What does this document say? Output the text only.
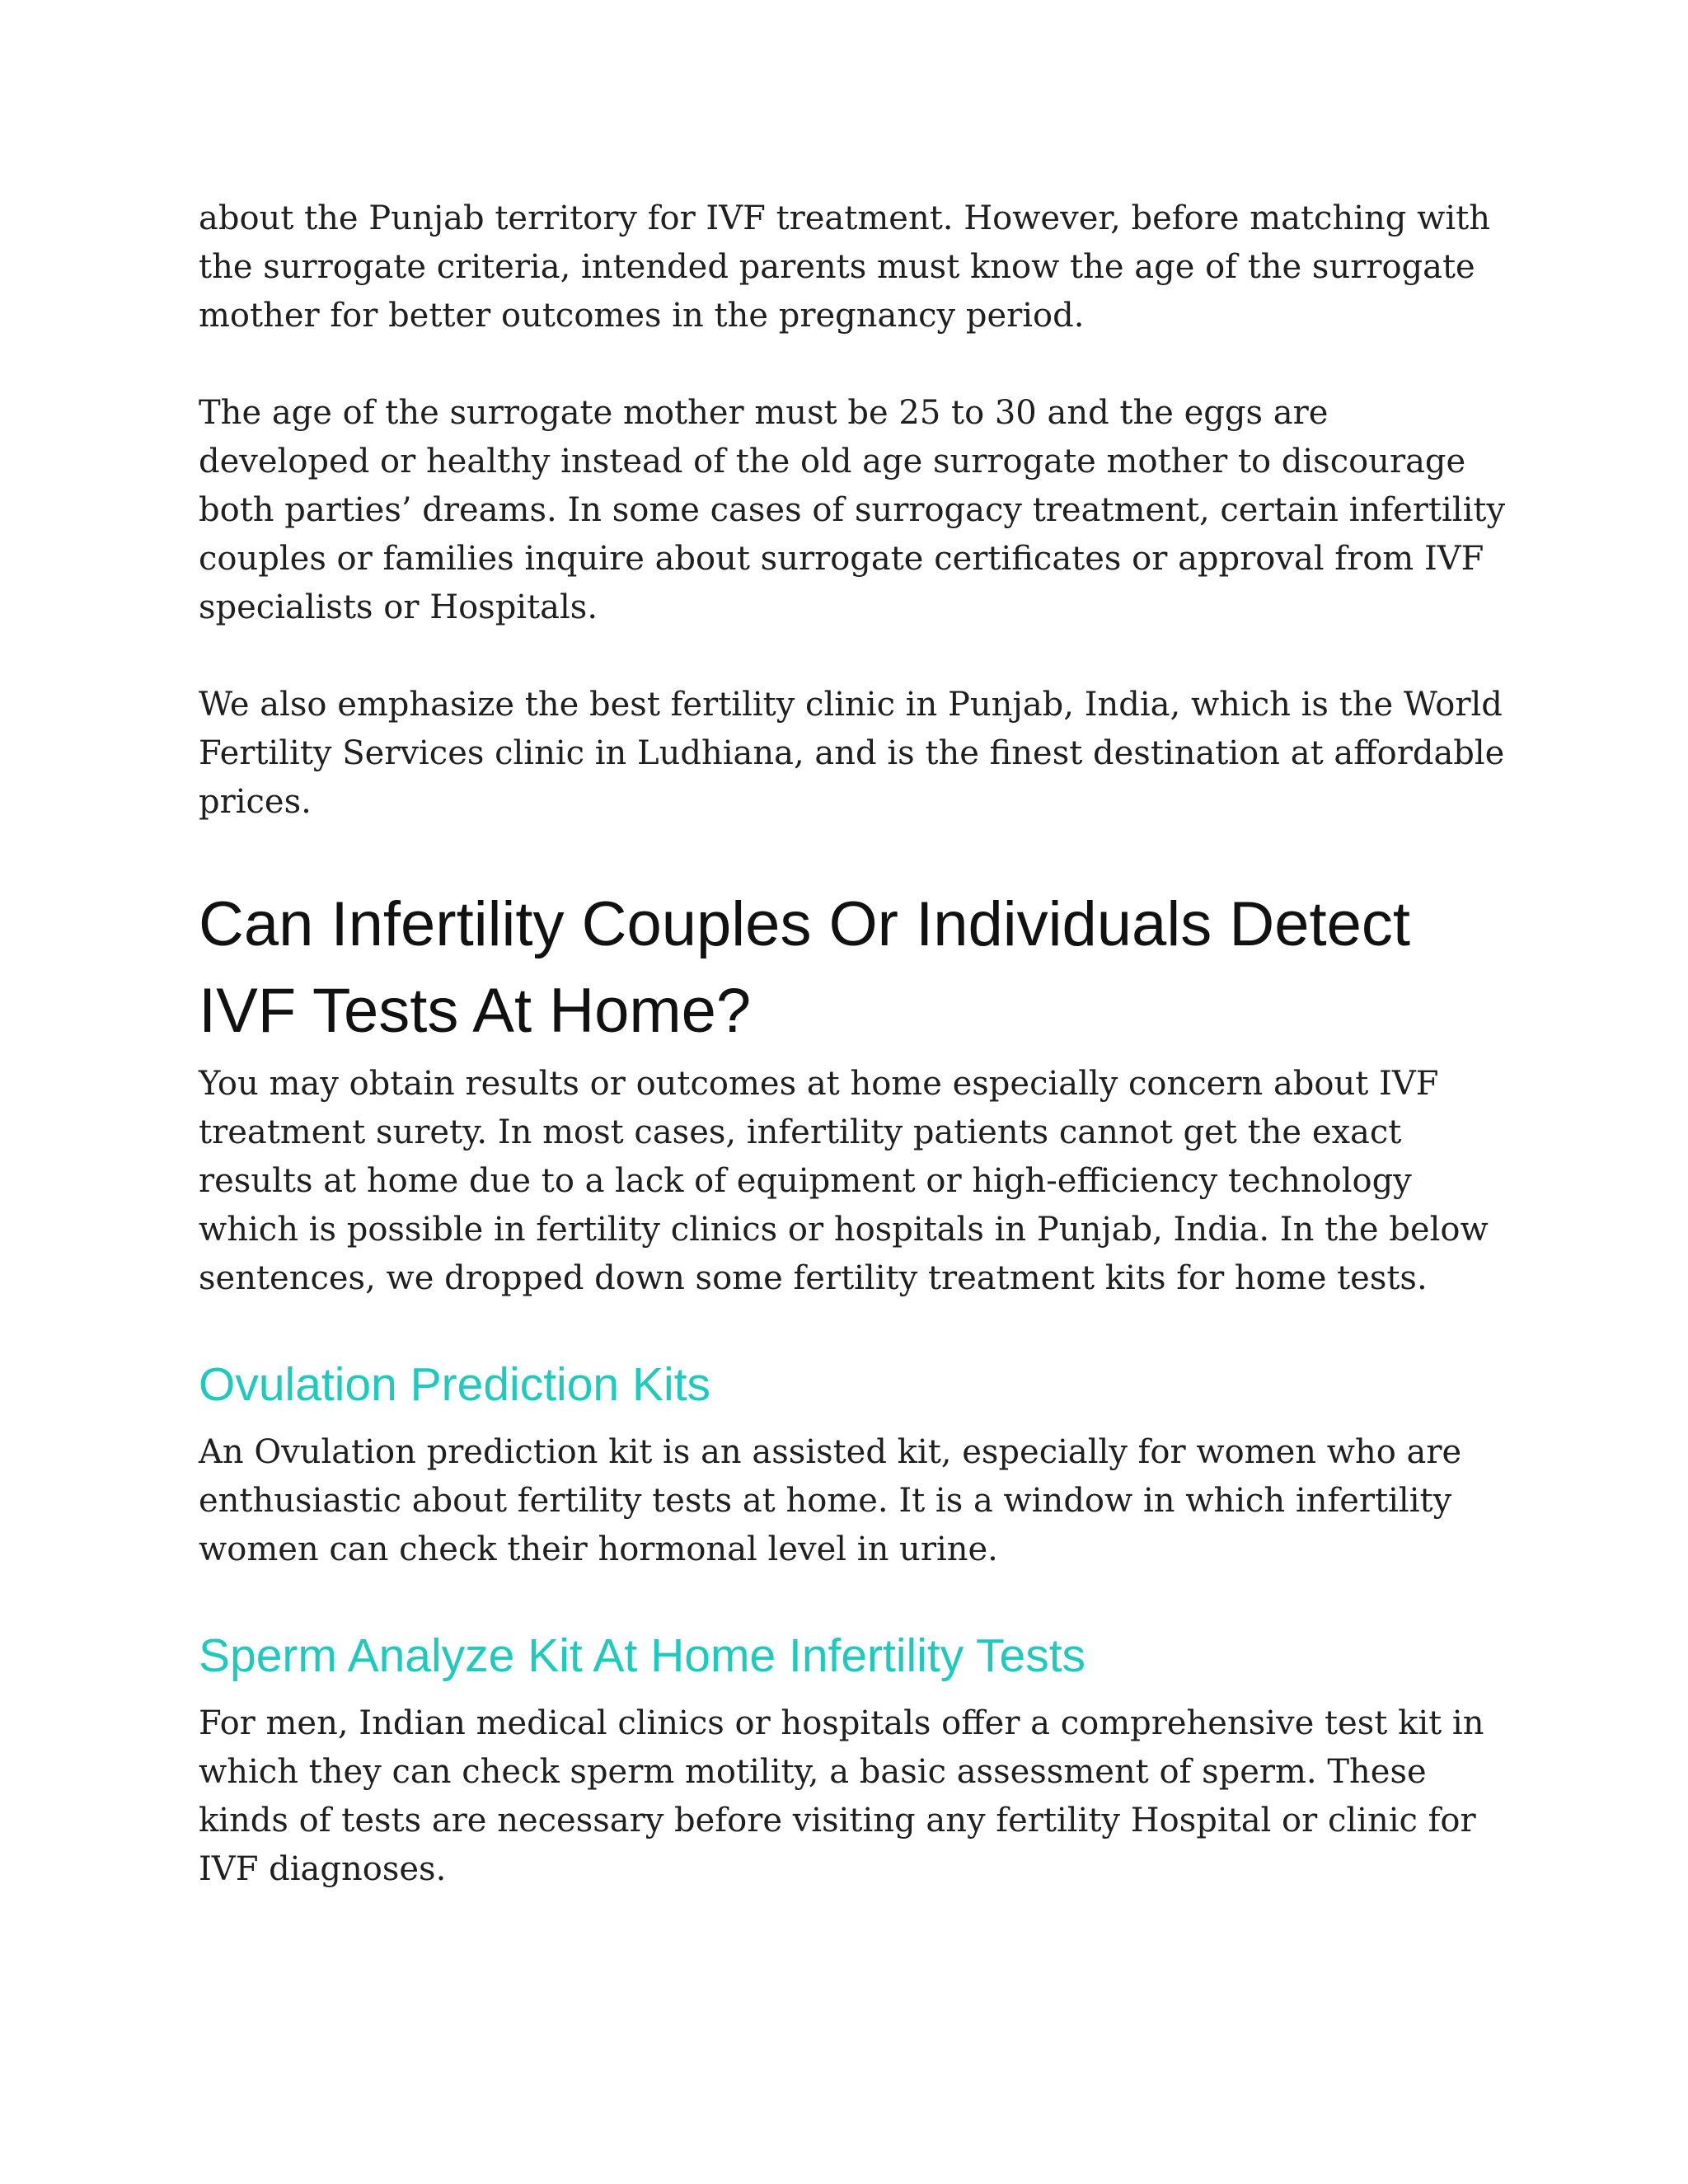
about the Punjab territory for IVF treatment. However, before matching with the surrogate criteria, intended parents must know the age of the surrogate mother for better outcomes in the pregnancy period.

The age of the surrogate mother must be 25 to 30 and the eggs are developed or healthy instead of the old age surrogate mother to discourage both parties’ dreams. In some cases of surrogacy treatment, certain infertility couples or families inquire about surrogate certificates or approval from IVF specialists or Hospitals.

We also emphasize the best fertility clinic in Punjab, India, which is the World Fertility Services clinic in Ludhiana, and is the finest destination at affordable prices.

Can Infertility Couples Or Individuals Detect IVF Tests At Home?

You may obtain results or outcomes at home especially concern about IVF treatment surety. In most cases, infertility patients cannot get the exact results at home due to a lack of equipment or high-efficiency technology which is possible in fertility clinics or hospitals in Punjab, India. In the below sentences, we dropped down some fertility treatment kits for home tests.

Ovulation Prediction Kits

An Ovulation prediction kit is an assisted kit, especially for women who are enthusiastic about fertility tests at home. It is a window in which infertility women can check their hormonal level in urine.

Sperm Analyze Kit At Home Infertility Tests

For men, Indian medical clinics or hospitals offer a comprehensive test kit in which they can check sperm motility, a basic assessment of sperm. These kinds of tests are necessary before visiting any fertility Hospital or clinic for IVF diagnoses.
